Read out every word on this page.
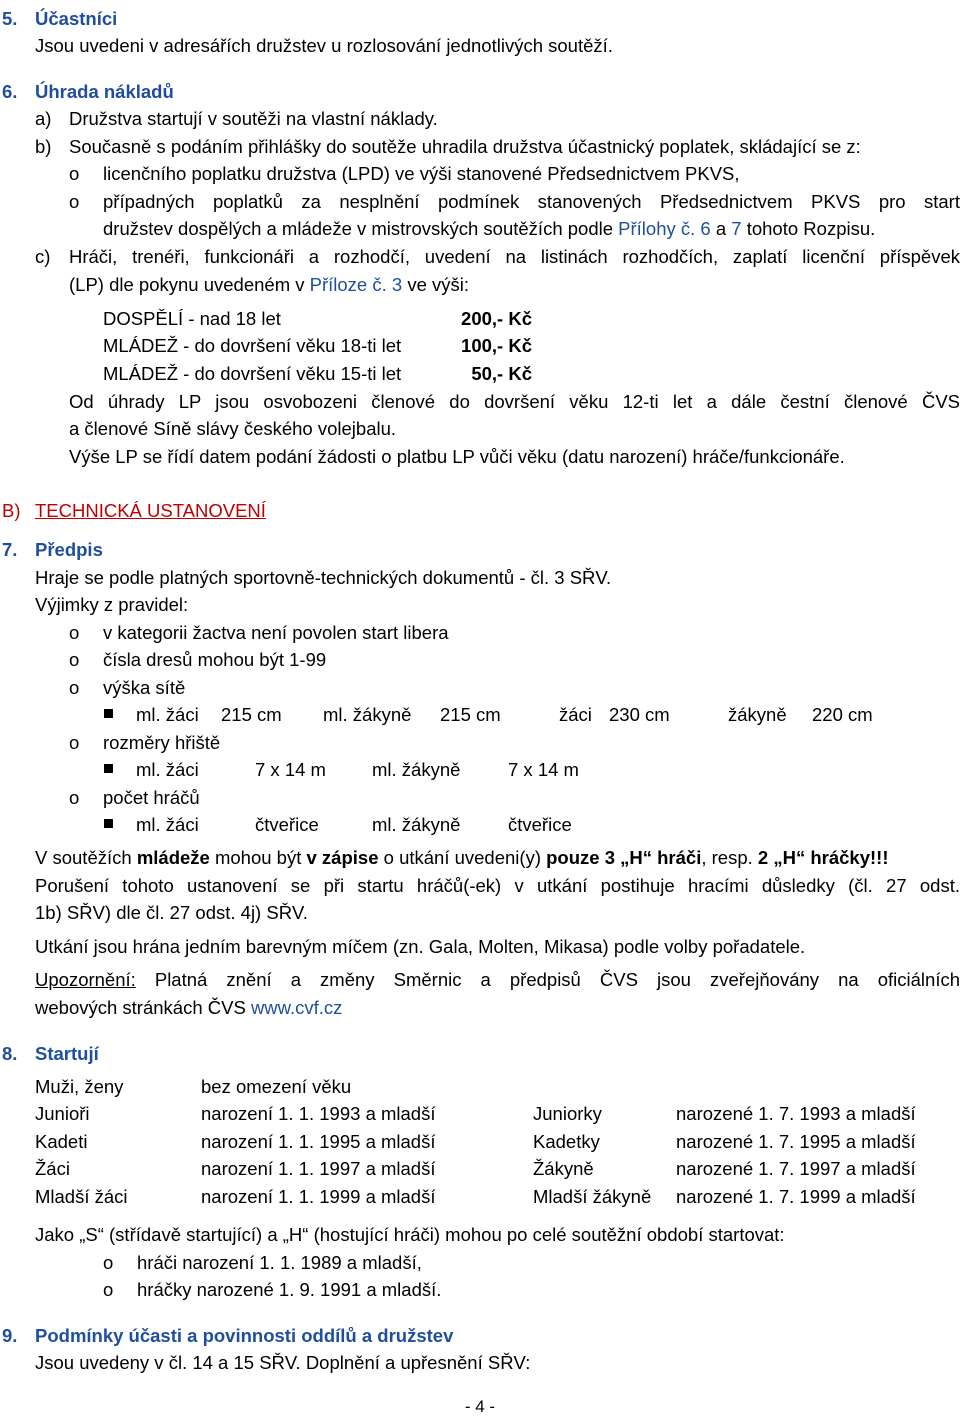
5. Účastníci
Jsou uvedeni v adresářích družstev u rozlosování jednotlivých soutěží.
6. Úhrada nákladů
a) Družstva startují v soutěži na vlastní náklady.
b) Současně s podáním přihlášky do soutěže uhradila družstva účastnický poplatek, skládající se z:
o licenčního poplatku družstva (LPD) ve výši stanovené Předsednictvem PKVS,
o případných poplatků za nesplnění podmínek stanovených Předsednictvem PKVS pro start
družstev dospělých a mládeže v mistrovských soutěžích podle Přílohy č. 6 a 7 tohoto Rozpisu.
c) Hráči, trenéři, funkcionáři a rozhodčí, uvedení na listinách rozhodčích, zaplatí licenční příspěvek
(LP) dle pokynu uvedeném v Příloze č. 3 ve výši:
DOSPĚLÍ - nad 18 let	200,- Kč
MLÁDEŽ - do dovršení věku 18-ti let	100,- Kč
MLÁDEŽ - do dovršení věku 15-ti let	50,- Kč
Od úhrady LP jsou osvobozeni členové do dovršení věku 12-ti let a dále čestní členové ČVS
a členové Síně slávy českého volejbalu.
Výše LP se řídí datem podání žádosti o platbu LP vůči věku (datu narození) hráče/funkcionáře.
B) TECHNICKÁ USTANOVENÍ
7. Předpis
Hraje se podle platných sportovně-technických dokumentů - čl. 3 SŘV.
Výjimky z pravidel:
o v kategorii žactva není povolen start libera
o čísla dresů mohou být 1-99
o výška sítě
ml. žáci 215 cm ml. žákyně 215 cm	žáci 230 cm	žákyně 220 cm
o rozměry hřiště
ml. žáci	7 x 14 m ml. žákyně	7 x 14 m
o počet hráčů
ml. žáci	čtveřice	ml. žákyně	čtveřice
V soutěžích mládeže mohou být v zápise o utkání uvedeni(y) pouze 3 „H“ hráči, resp. 2 „H“ hráčky!!!
Porušení tohoto ustanovení se při startu hráčů(-ek) v utkání postihuje hracími důsledky (čl. 27 odst.
1b) SŘV) dle čl. 27 odst. 4j) SŘV.
Utkání jsou hrána jedním barevným míčem (zn. Gala, Molten, Mikasa) podle volby pořadatele.
Upozornění: Platná znění a změny Směrnic a předpisů ČVS jsou zveřejňovány na oficiálních
webových stránkách ČVS www.cvf.cz
8. Startují
Muži, ženy	bez omezení věku
Junioři	narození 1. 1. 1993 a mladší	Juniorky	narozené 1. 7. 1993 a mladší
Kadeti	narození 1. 1. 1995 a mladší	Kadetky	narozené 1. 7. 1995 a mladší
Žáci	narození 1. 1. 1997 a mladší	Žákyně	narozené 1. 7. 1997 a mladší
Mladší žáci	narození 1. 1. 1999 a mladší	Mladší žákyně narozené 1. 7. 1999 a mladší
Jako „S“ (střídavě startující) a „H“ (hostující hráči) mohou po celé soutěžní období startovat:
o hráči narození 1. 1. 1989 a mladší,
o hráčky narozené 1. 9. 1991 a mladší.
9. Podmínky účasti a povinnosti oddílů a družstev
Jsou uvedeny v čl. 14 a 15 SŘV. Doplnění a upřesnění SŘV:
- 4 -
